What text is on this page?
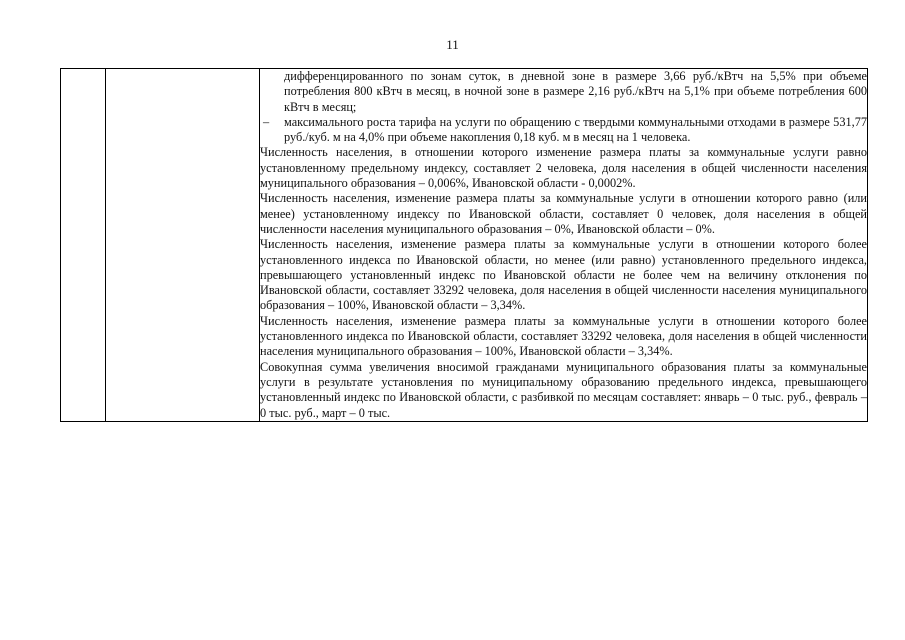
11

дифференцированного по зонам суток, в дневной зоне в размере 3,66 руб./кВтч на 5,5% при объеме потребления 800 кВтч в месяц, в ночной зоне в размере 2,16 руб./кВтч на 5,1% при объеме потребления 600 кВтч в месяц;

– максимального роста тарифа на услуги по обращению с твердыми коммунальными отходами в размере 531,77 руб./куб. м на 4,0% при объеме накопления 0,18 куб. м в месяц на 1 человека.

Численность населения, в отношении которого изменение размера платы за коммунальные услуги равно установленному предельному индексу, составляет 2 человека, доля населения в общей численности населения муниципального образования – 0,006%, Ивановской области - 0,0002%.

Численность населения, изменение размера платы за коммунальные услуги в отношении которого равно (или менее) установленному индексу по Ивановской области, составляет 0 человек, доля населения в общей численности населения муниципального образования – 0%, Ивановской области – 0%.

Численность населения, изменение размера платы за коммунальные услуги в отношении которого более установленного индекса по Ивановской области, но менее (или равно) установленного предельного индекса, превышающего установленный индекс по Ивановской области не более чем на величину отклонения по Ивановской области, составляет 33292 человека, доля населения в общей численности населения муниципального образования – 100%, Ивановской области – 3,34%.

Численность населения, изменение размера платы за коммунальные услуги в отношении которого более установленного индекса по Ивановской области, составляет 33292 человека, доля населения в общей численности населения муниципального образования – 100%, Ивановской области – 3,34%.

Совокупная сумма увеличения вносимой гражданами муниципального образования платы за коммунальные услуги в результате установления по муниципальному образованию предельного индекса, превышающего установленный индекс по Ивановской области, с разбивкой по месяцам составляет: январь – 0 тыс. руб., февраль – 0 тыс. руб., март – 0 тыс.
